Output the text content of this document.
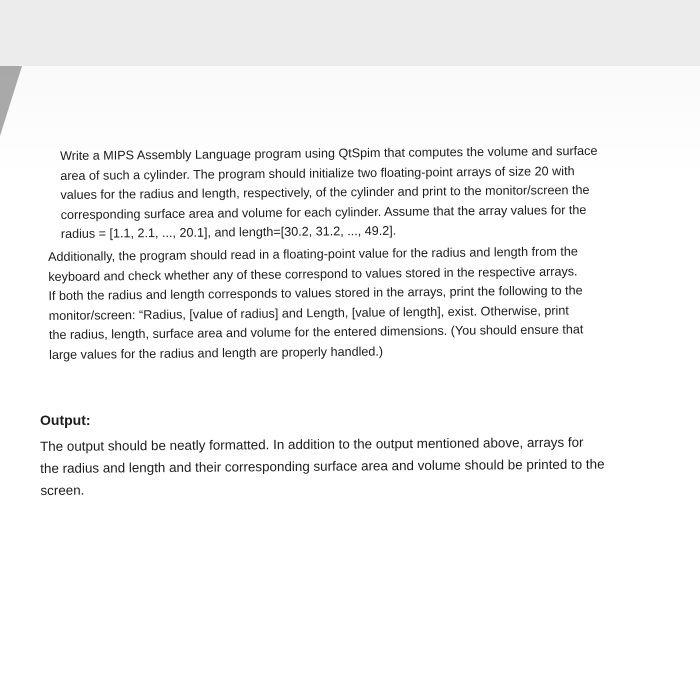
Write a MIPS Assembly Language program using QtSpim that computes the volume and surface
area of such a cylinder. The program should initialize two floating-point arrays of size 20 with
values for the radius and length, respectively, of the cylinder and print to the monitor/screen the
corresponding surface area and volume for each cylinder. Assume that the array values for the
radius = [1.1, 2.1, ..., 20.1], and length=[30.2, 31.2, ..., 49.2].
Additionally, the program should read in a floating-point value for the radius and length from the
keyboard and check whether any of these correspond to values stored in the respective arrays.
If both the radius and length corresponds to values stored in the arrays, print the following to the
monitor/screen: “Radius, [value of radius] and Length, [value of length], exist. Otherwise, print
the radius, length, surface area and volume for the entered dimensions. (You should ensure that
large values for the radius and length are properly handled.)
Output:
The output should be neatly formatted. In addition to the output mentioned above, arrays for
the radius and length and their corresponding surface area and volume should be printed to the
screen.
